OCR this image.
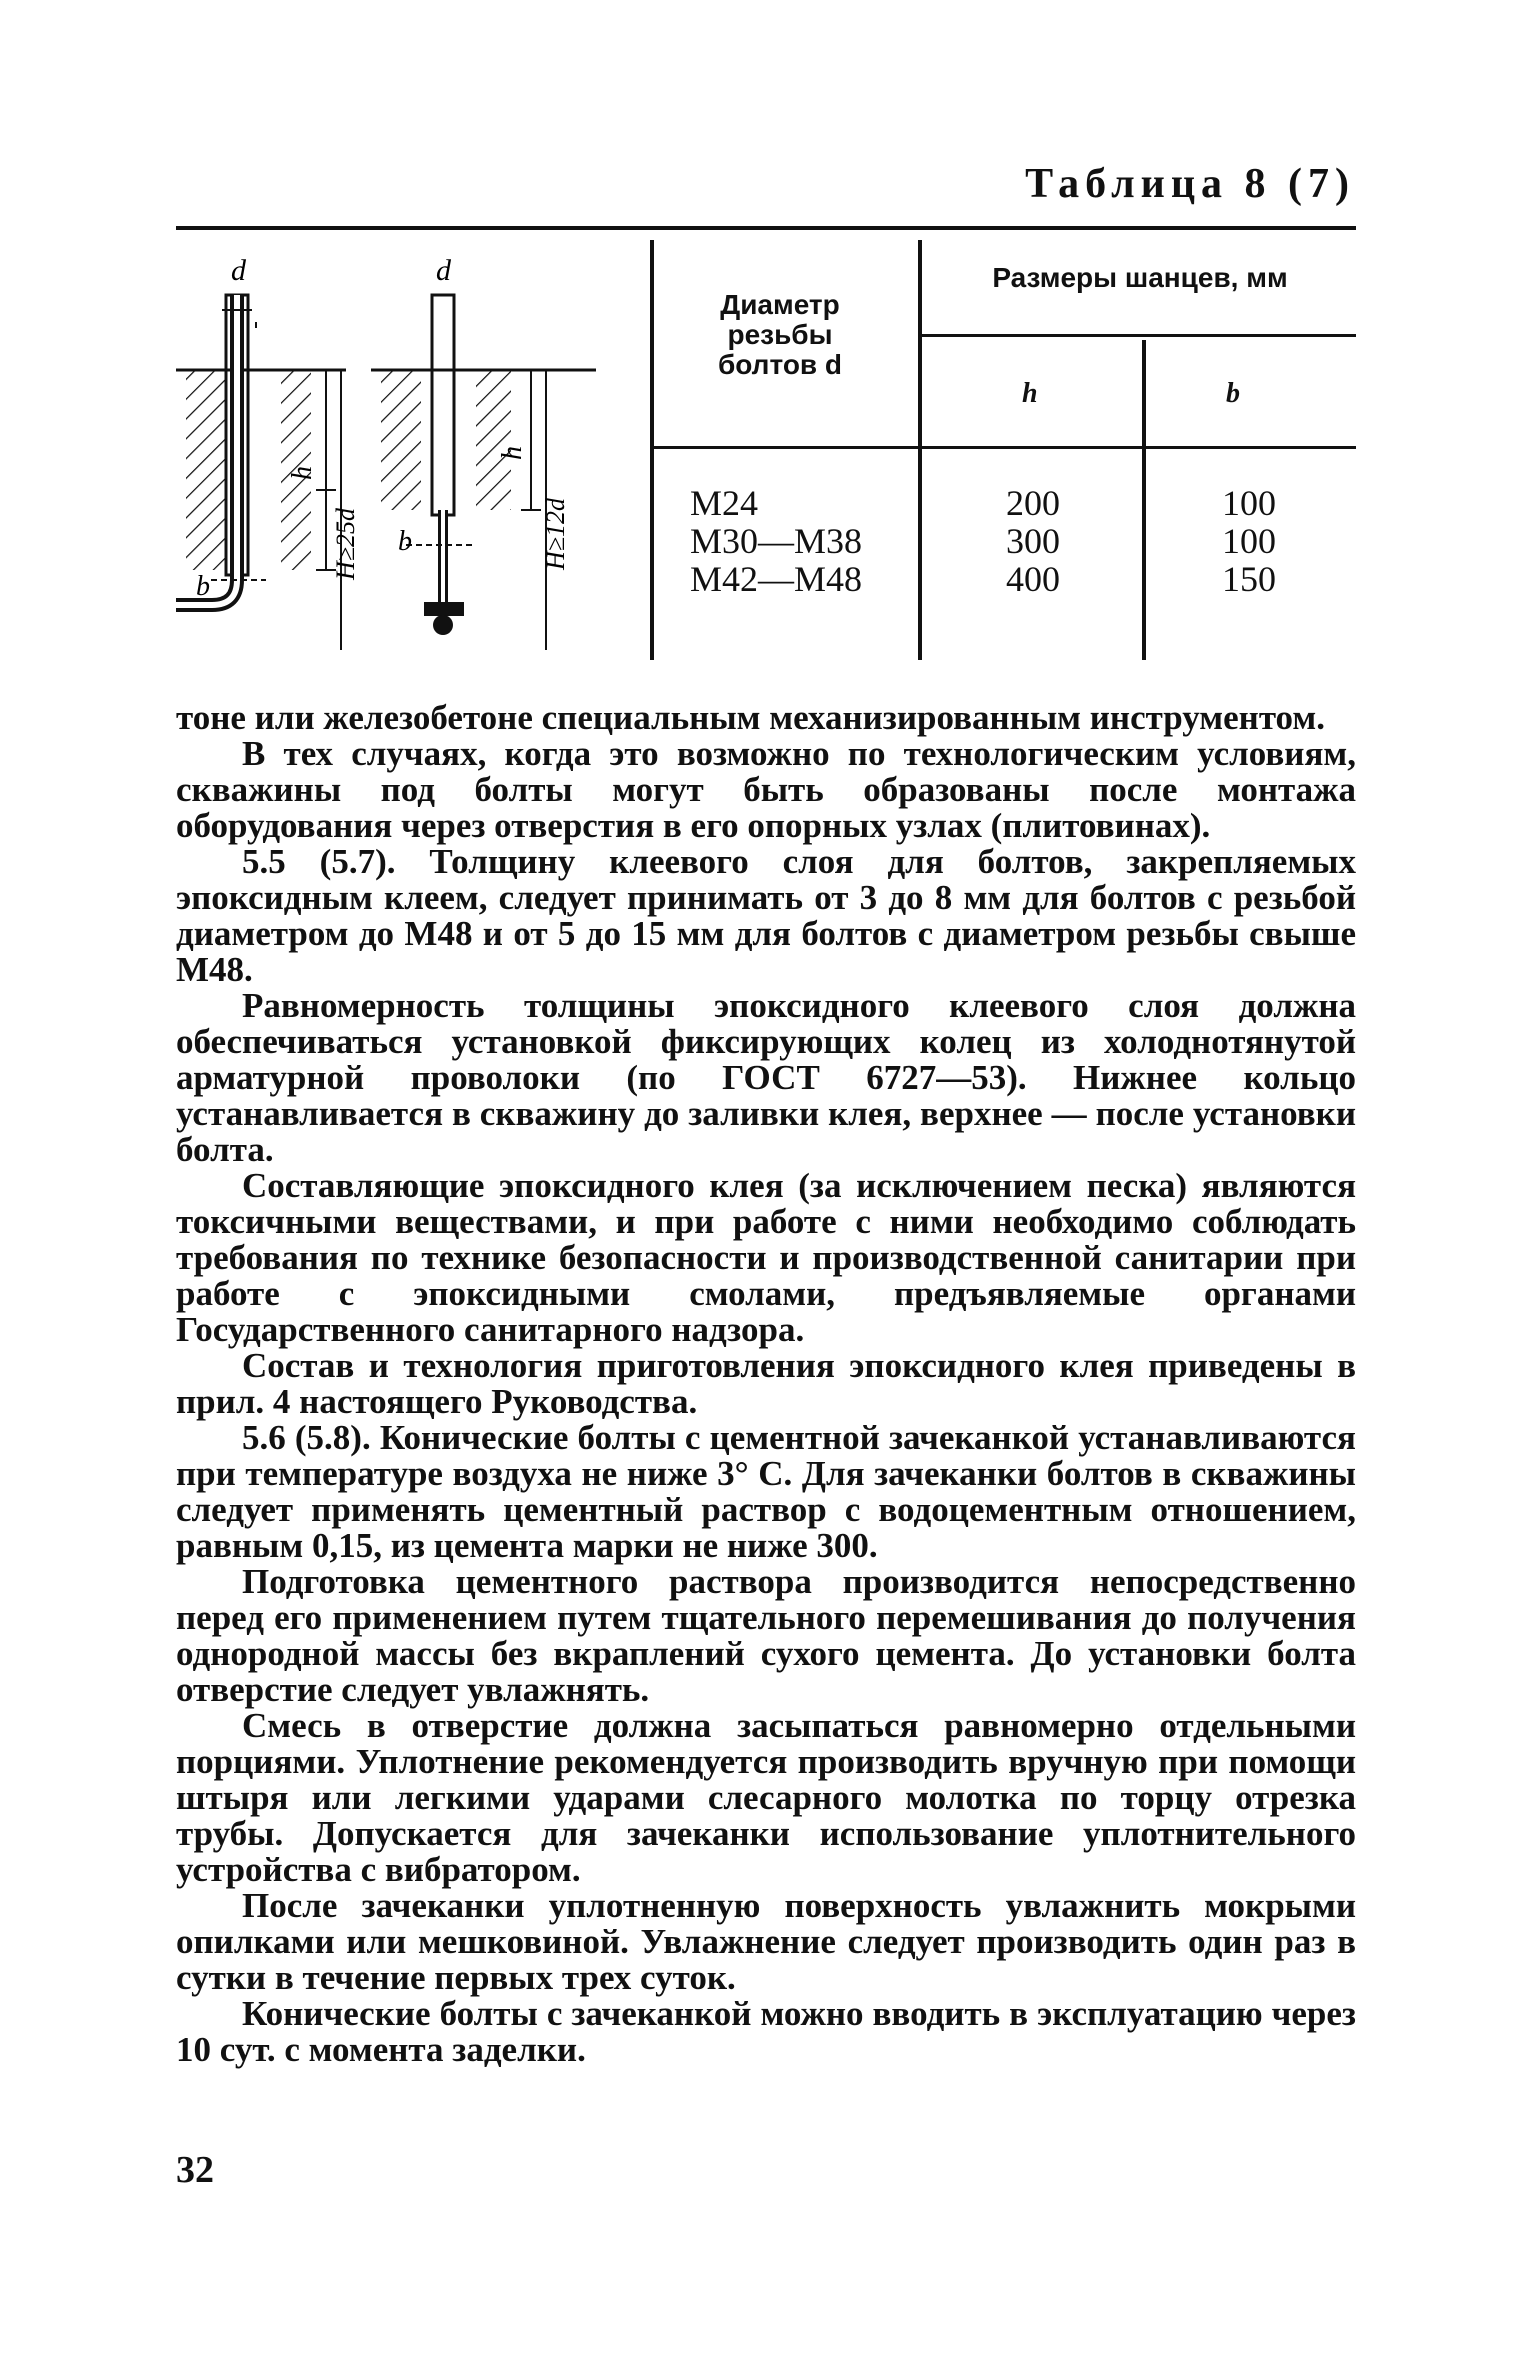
Таблица 8 (7)
d
h
b
H≥25d
d
h
b	H≥12d
Диаметр резьбы болтов d
Размеры шанцев, мм
h	b
M24
M30—M38
M42—M48
200
300
400
100
100
150

тоне или железобетоне специальным механизированным инструментом.

В тех случаях, когда это возможно по технологическим условиям, скважины под болты могут быть образованы после монтажа оборудования через отверстия в его опорных узлах (плитовинах).

5.5 (5.7). Толщину клеевого слоя для болтов, закрепляемых эпоксидным клеем, следует принимать от 3 до 8 мм для болтов с резьбой диаметром до M48 и от 5 до 15 мм для болтов с диаметром резьбы свыше M48.

Равномерность толщины эпоксидного клеевого слоя должна обеспечиваться установкой фиксирующих колец из холоднотянутой арматурной проволоки (по ГОСТ 6727—53). Нижнее кольцо устанавливается в скважину до заливки клея, верхнее — после установки болта.

Составляющие эпоксидного клея (за исключением песка) являются токсичными веществами, и при работе с ними необходимо соблюдать требования по технике безопасности и производственной санитарии при работе с эпоксидными смолами, предъявляемые органами Государственного санитарного надзора.

Состав и технология приготовления эпоксидного клея приведены в прил. 4 настоящего Руководства.

5.6 (5.8). Конические болты с цементной зачеканкой устанавливаются при температуре воздуха не ниже 3° С. Для зачеканки болтов в скважины следует применять цементный раствор с водоцементным отношением, равным 0,15, из цемента марки не ниже 300.

Подготовка цементного раствора производится непосредственно перед его применением путем тщательного перемешивания до получения однородной массы без вкраплений сухого цемента. До установки болта отверстие следует увлажнять.

Смесь в отверстие должна засыпаться равномерно отдельными порциями. Уплотнение рекомендуется производить вручную при помощи штыря или легкими ударами слесарного молотка по торцу отрезка трубы. Допускается для зачеканки использование уплотнительного устройства с вибратором.

После зачеканки уплотненную поверхность увлажнить мокрыми опилками или мешковиной. Увлажнение следует производить один раз в сутки в течение первых трех суток.

Конические болты с зачеканкой можно вводить в эксплуатацию через 10 сут. с момента заделки.

32
